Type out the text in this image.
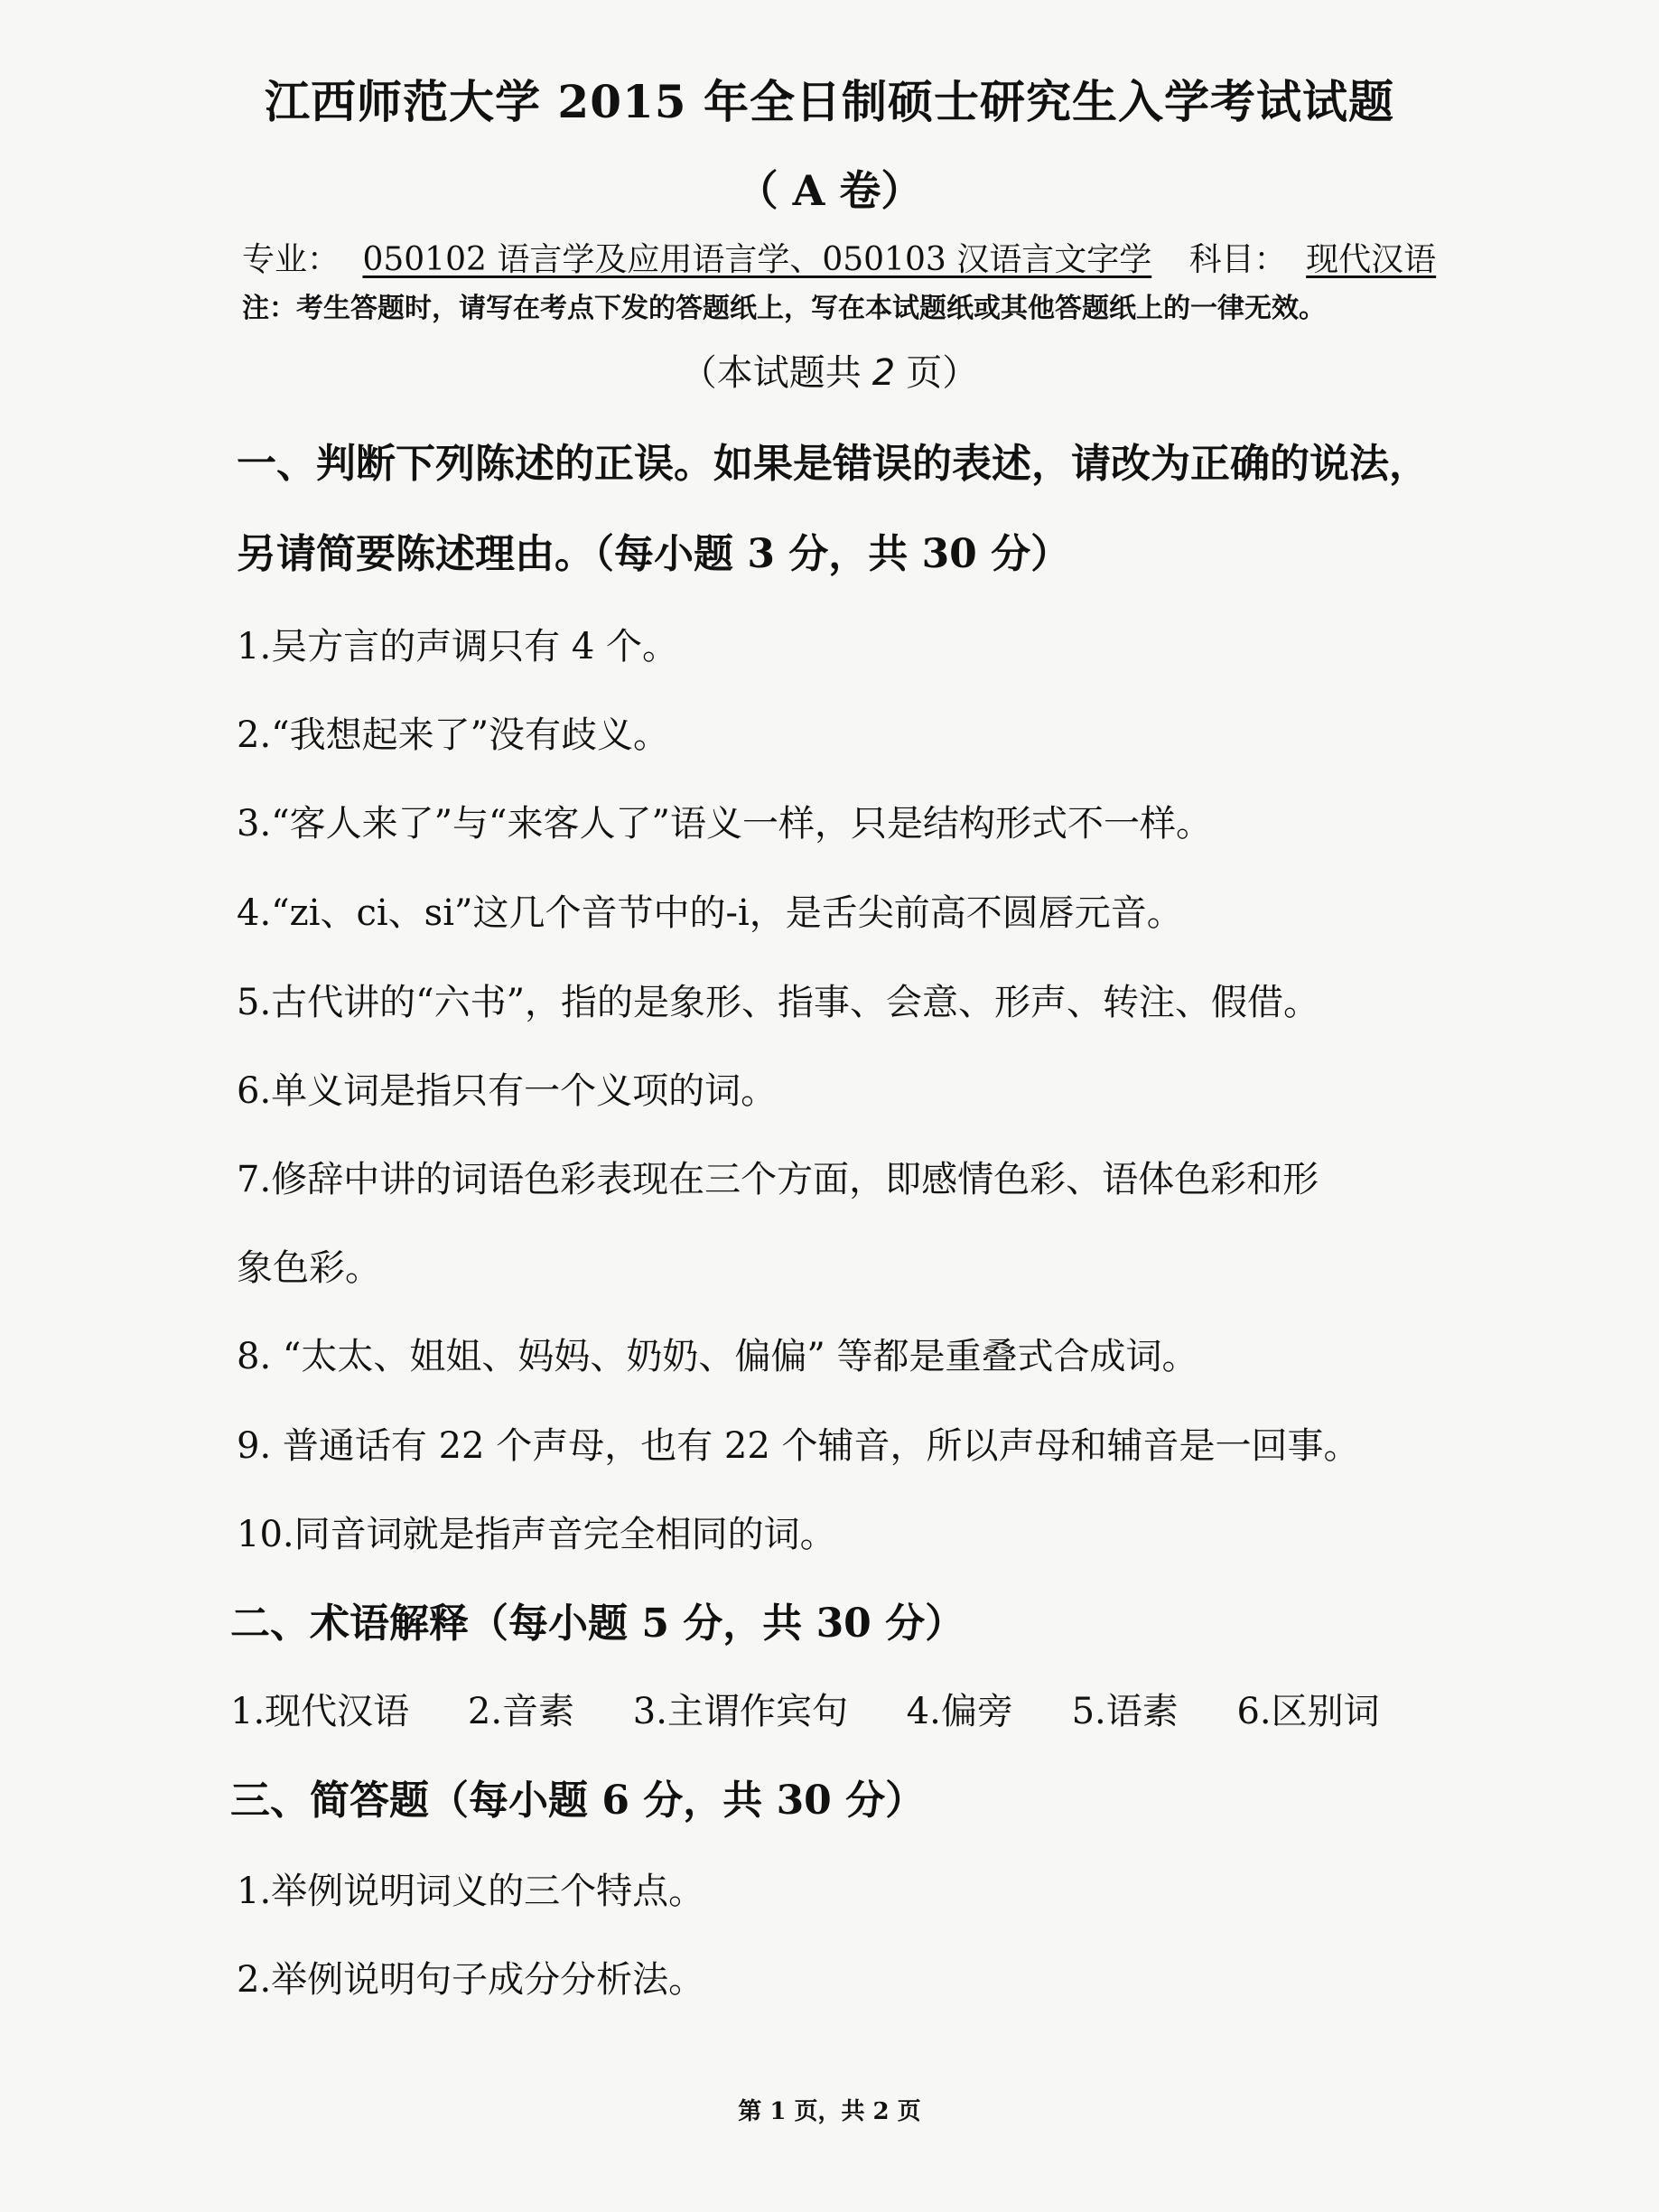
江西师范大学 2015 年全日制硕士研究生入学考试试题
（ A 卷）
专业： 050102 语言学及应用语言学、050103 汉语言文字学 科目： 现代汉语
注：考生答题时，请写在考点下发的答题纸上，写在本试题纸或其他答题纸上的一律无效。
（本试题共 2 页）
一、判断下列陈述的正误。如果是错误的表述，请改为正确的说法，
另请简要陈述理由。（每小题 3 分，共 30 分）
1.吴方言的声调只有 4 个。
2.“我想起来了”没有歧义。
3.“客人来了”与“来客人了”语义一样，只是结构形式不一样。
4.“zi、ci、si”这几个音节中的-i，是舌尖前高不圆唇元音。
5.古代讲的“六书”，指的是象形、指事、会意、形声、转注、假借。
6.单义词是指只有一个义项的词。
7.修辞中讲的词语色彩表现在三个方面，即感情色彩、语体色彩和形
象色彩。
8. “太太、姐姐、妈妈、奶奶、偏偏” 等都是重叠式合成词。
9. 普通话有 22 个声母，也有 22 个辅音，所以声母和辅音是一回事。
10.同音词就是指声音完全相同的词。
二、术语解释（每小题 5 分，共 30 分）
1.现代汉语 2.音素 3.主谓作宾句 4.偏旁 5.语素 6.区别词
三、简答题（每小题 6 分，共 30 分）
1.举例说明词义的三个特点。
2.举例说明句子成分分析法。
第 1 页，共 2 页
